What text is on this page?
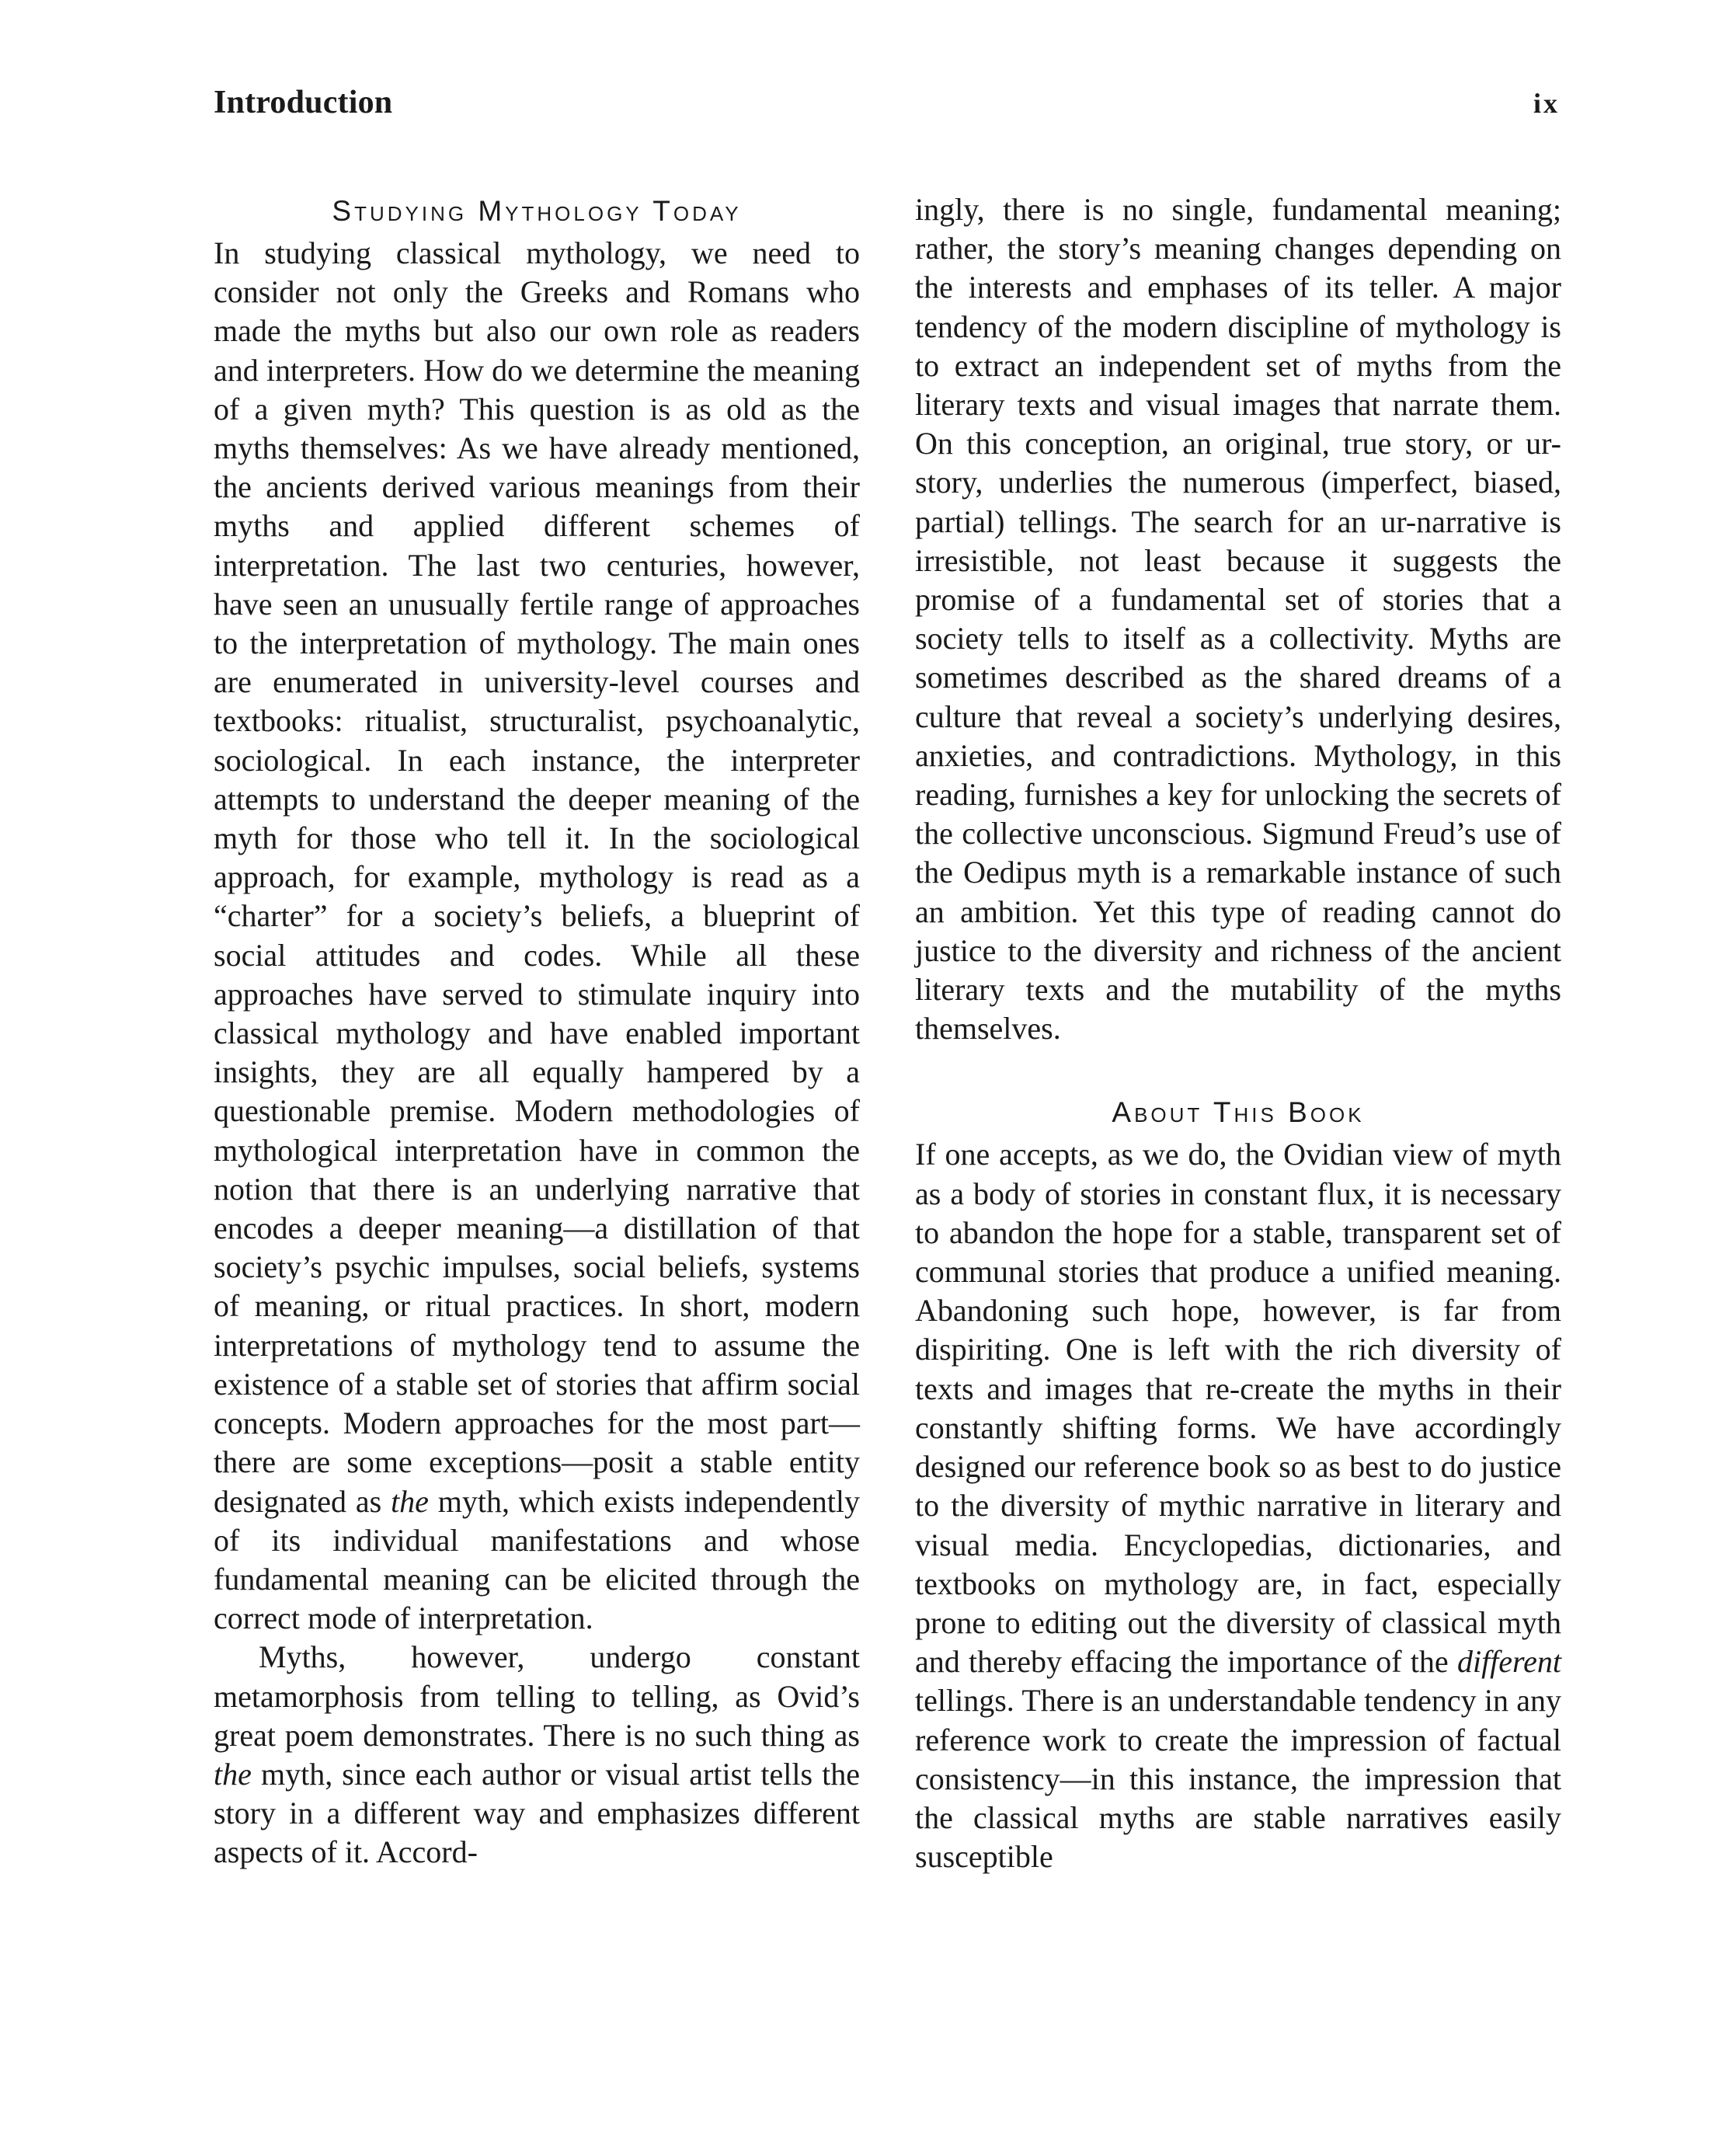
Introduction	ix
Studying Mythology Today

In studying classical mythology, we need to consider not only the Greeks and Romans who made the myths but also our own role as readers and interpreters. How do we determine the meaning of a given myth? This question is as old as the myths themselves: As we have already mentioned, the ancients derived various meanings from their myths and applied different schemes of interpretation. The last two centuries, however, have seen an unusually fertile range of approaches to the interpretation of mythology. The main ones are enumerated in university-level courses and textbooks: ritualist, structuralist, psychoanalytic, sociological. In each instance, the interpreter attempts to understand the deeper meaning of the myth for those who tell it. In the sociological approach, for example, mythology is read as a “charter” for a society’s beliefs, a blueprint of social attitudes and codes. While all these approaches have served to stimulate inquiry into classical mythology and have enabled important insights, they are all equally hampered by a questionable premise. Modern methodologies of mythological interpretation have in common the notion that there is an underlying narrative that encodes a deeper meaning—a distillation of that society’s psychic impulses, social beliefs, systems of meaning, or ritual practices. In short, modern interpretations of mythology tend to assume the existence of a stable set of stories that affirm social concepts. Modern approaches for the most part—there are some exceptions—posit a stable entity designated as the myth, which exists independently of its individual manifestations and whose fundamental meaning can be elicited through the correct mode of interpretation.

Myths, however, undergo constant metamorphosis from telling to telling, as Ovid’s great poem demonstrates. There is no such thing as the myth, since each author or visual artist tells the story in a different way and emphasizes different aspects of it. Accord-

ingly, there is no single, fundamental meaning; rather, the story’s meaning changes depending on the interests and emphases of its teller. A major tendency of the modern discipline of mythology is to extract an independent set of myths from the literary texts and visual images that narrate them. On this conception, an original, true story, or ur-story, underlies the numerous (imperfect, biased, partial) tellings. The search for an ur-narrative is irresistible, not least because it suggests the promise of a fundamental set of stories that a society tells to itself as a collectivity. Myths are sometimes described as the shared dreams of a culture that reveal a society’s underlying desires, anxieties, and contradictions. Mythology, in this reading, furnishes a key for unlocking the secrets of the collective unconscious. Sigmund Freud’s use of the Oedipus myth is a remarkable instance of such an ambition. Yet this type of reading cannot do justice to the diversity and richness of the ancient literary texts and the mutability of the myths themselves.

About This Book

If one accepts, as we do, the Ovidian view of myth as a body of stories in constant flux, it is necessary to abandon the hope for a stable, transparent set of communal stories that produce a unified meaning. Abandoning such hope, however, is far from dispiriting. One is left with the rich diversity of texts and images that re-create the myths in their constantly shifting forms. We have accordingly designed our reference book so as best to do justice to the diversity of mythic narrative in literary and visual media. Encyclopedias, dictionaries, and textbooks on mythology are, in fact, especially prone to editing out the diversity of classical myth and thereby effacing the importance of the different tellings. There is an understandable tendency in any reference work to create the impression of factual consistency—in this instance, the impression that the classical myths are stable narratives easily susceptible
